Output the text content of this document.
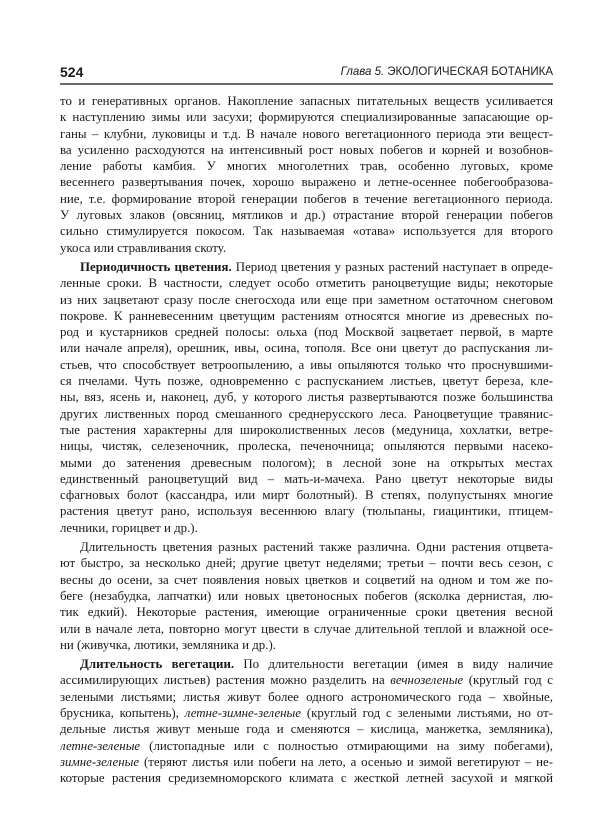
524	Глава 5. ЭКОЛОГИЧЕСКАЯ БОТАНИКА
то и генеративных органов. Накопление запасных питательных веществ усиливается
к наступлению зимы или засухи; формируются специализированные запасающие ор-
ганы – клубни, луковицы и т.д. В начале нового вегетационного периода эти вещест-
ва усиленно расходуются на интенсивный рост новых побегов и корней и возобнов-
ление работы камбия. У многих многолетних трав, особенно луговых, кроме
весеннего развертывания почек, хорошо выражено и летне-осеннее побегообразова-
ние, т.е. формирование второй генерации побегов в течение вегетационного периода.
У луговых злаков (овсяниц, мятликов и др.) отрастание второй генерации побегов
сильно стимулируется покосом. Так называемая «отава» используется для второго
укоса или стравливания скоту.
Периодичность цветения. Период цветения у разных растений наступает в опреде-
ленные сроки. В частности, следует особо отметить раноцветущие виды; некоторые
из них зацветают сразу после снегосхода или еще при заметном остаточном снеговом
покрове. К ранневесенним цветущим растениям относятся многие из древесных по-
род и кустарников средней полосы: ольха (под Москвой зацветает первой, в марте
или начале апреля), орешник, ивы, осина, тополя. Все они цветут до распускания ли-
стьев, что способствует ветроопылению, а ивы опыляются только что проснувшими-
ся пчелами. Чуть позже, одновременно с распусканием листьев, цветут береза, кле-
ны, вяз, ясень и, наконец, дуб, у которого листья развертываются позже большинства
других лиственных пород смешанного среднерусского леса. Раноцветущие травянис-
тые растения характерны для широколиственных лесов (медуница, хохлатки, ветре-
ницы, чистяк, селезеночник, пролеска, печеночница; опыляются первыми насеко-
мыми до затенения древесным пологом); в лесной зоне на открытых местах
единственный раноцветущий вид – мать-и-мачеха. Рано цветут некоторые виды
сфагновых болот (кассандра, или мирт болотный). В степях, полупустынях многие
растения цветут рано, используя весеннюю влагу (тюльпаны, гиацинтики, птицем-
лечники, горицвет и др.).
Длительность цветения разных растений также различна. Одни растения отцвета-
ют быстро, за несколько дней; другие цветут неделями; третьи – почти весь сезон, с
весны до осени, за счет появления новых цветков и соцветий на одном и том же по-
беге (незабудка, лапчатки) или новых цветоносных побегов (ясколка дернистая, лю-
тик едкий). Некоторые растения, имеющие ограниченные сроки цветения весной
или в начале лета, повторно могут цвести в случае длительной теплой и влажной осе-
ни (живучка, лютики, земляника и др.).
Длительность вегетации. По длительности вегетации (имея в виду наличие
ассимилирующих листьев) растения можно разделить на вечнозеленые (круглый год с
зелеными листьями; листья живут более одного астрономического года – хвойные,
брусника, копытень), летне-зимне-зеленые (круглый год с зелеными листьями, но от-
дельные листья живут меньше года и сменяются – кислица, манжетка, земляника),
летне-зеленые (листопадные или с полностью отмирающими на зиму побегами),
зимне-зеленые (теряют листья или побеги на лето, а осенью и зимой вегетируют – не-
которые растения средиземноморского климата с жесткой летней засухой и мягкой
